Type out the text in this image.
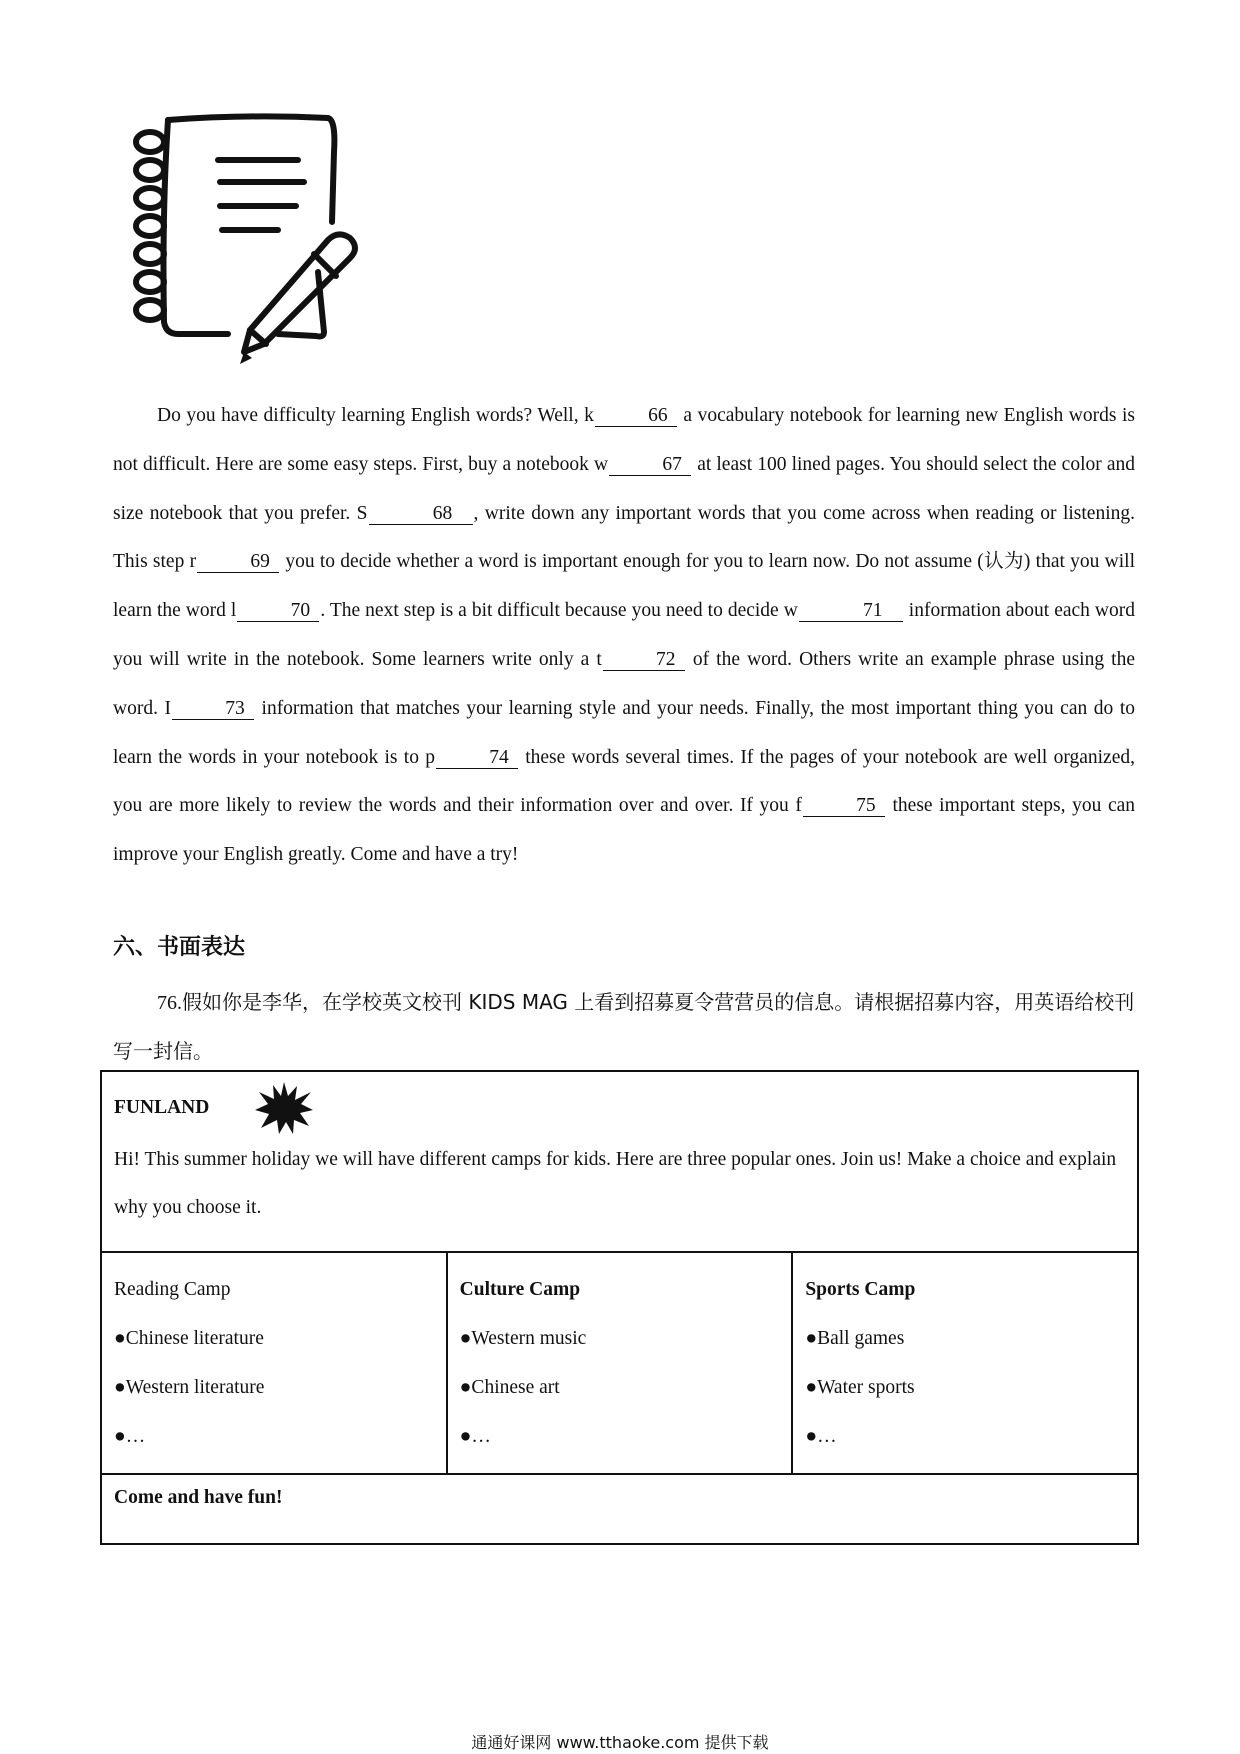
Do you have difficulty learning English words? Well, k	66 a vocabulary notebook for learning new English words is not difficult. Here are some easy steps. First, buy a notebook w	67 at least 100 lined pages. You should select the color and size notebook that you prefer. S	68 , write down any important words that you come across when reading or listening. This step r	69 you to decide whether a word is important enough for you to learn now. Do not assume (认为) that you will learn the word l	70 . The next step is a bit difficult because you need to decide w	71 information about each word you will write in the notebook. Some learners write only a t	72 of the word. Others write an example phrase using the word. I	73 information that matches your learning style and your needs. Finally, the most important thing you can do to learn the words in your notebook is to p	74 these words several times. If the pages of your notebook are well organized, you are more likely to review the words and their information over and over. If you f	75 these important steps, you can improve your English greatly. Come and have a try!

六、书面表达
76.假如你是李华，在学校英文校刊 KIDS MAG 上看到招募夏令营营员的信息。请根据招募内容，用英语给校刊写一封信。
FUNLAND
Hi! This summer holiday we will have different camps for kids. Here are three popular ones. Join us! Make a choice and explain why you choose it.

Reading Camp
●Chinese literature
●Western literature
●…

Culture Camp
●Western music
●Chinese art
●…

Sports Camp
●Ball games
●Water sports
●…

Come and have fun!
通通好课网 www.tthaoke.com 提供下载
